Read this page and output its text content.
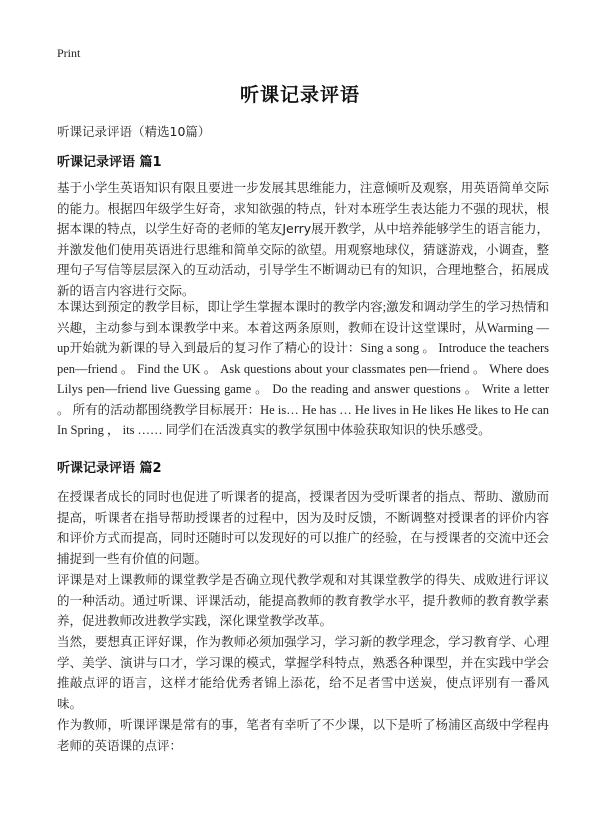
Print
听课记录评语
听课记录评语（精选10篇）
听课记录评语 篇1

基于小学生英语知识有限且要进一步发展其思维能力，注意倾听及观察，用英语简单交际的能力。根据四年级学生好奇，求知欲强的特点，针对本班学生表达能力不强的现状，根据本课的特点，以学生好奇的老师的笔友Jerry展开教学，从中培养能够学生的语言能力，并激发他们使用英语进行思维和简单交际的欲望。用观察地球仪，猜谜游戏，小调查，整理句子写信等层层深入的互动活动，引导学生不断调动已有的知识，合理地整合，拓展成新的语言内容进行交际。

本课达到预定的教学目标，即让学生掌握本课时的教学内容;激发和调动学生的学习热情和兴趣，主动参与到本课教学中来。本着这两条原则，教师在设计这堂课时，从Warming —up开始就为新课的导入到最后的复习作了精心的设计：Sing a song 。 Introduce the teachers pen—friend 。 Find the UK 。 Ask questions about your classmates pen—friend 。 Where does Lilys pen—friend live Guessing game 。 Do the reading and answer questions 。 Write a letter 。 所有的活动都围绕教学目标展开：He is… He has … He lives in He likes He likes to He can In Spring ， its …… 同学们在活泼真实的教学氛围中体验获取知识的快乐感受。

听课记录评语 篇2

在授课者成长的同时也促进了听课者的提高，授课者因为受听课者的指点、帮助、激励而提高，听课者在指导帮助授课者的过程中，因为及时反馈，不断调整对授课者的评价内容和评价方式而提高，同时还随时可以发现好的可以推广的经验，在与授课者的交流中还会捕捉到一些有价值的问题。

评课是对上课教师的课堂教学是否确立现代教学观和对其课堂教学的得失、成败进行评议的一种活动。通过听课、评课活动，能提高教师的教育教学水平，提升教师的教育教学素养，促进教师改进教学实践，深化课堂教学改革。

当然，要想真正评好课，作为教师必须加强学习，学习新的教学理念，学习教育学、心理学、美学、演讲与口才，学习课的模式，掌握学科特点，熟悉各种课型，并在实践中学会推敲点评的语言，这样才能给优秀者锦上添花，给不足者雪中送炭，使点评别有一番风味。

作为教师，听课评课是常有的事，笔者有幸听了不少课，以下是听了杨浦区高级中学程冉老师的英语课的点评：
